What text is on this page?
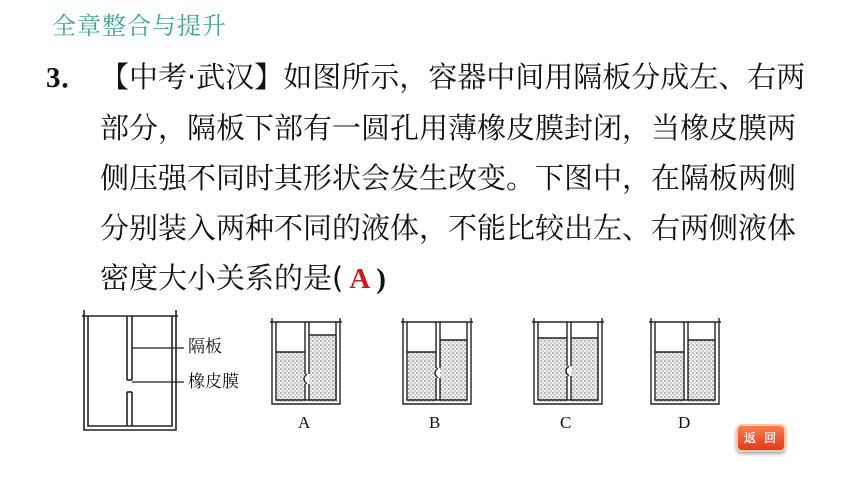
全章整合与提升
3． 【中考·武汉】如图所示，容器中间用隔板分成左、右两
部分，隔板下部有一圆孔用薄橡皮膜封闭，当橡皮膜两
侧压强不同时其形状会发生改变。下图中，在隔板两侧
分别装入两种不同的液体，不能比较出左、右两侧液体
密度大小关系的是( A )
隔板
橡皮膜
A	B	C	D
返 回
